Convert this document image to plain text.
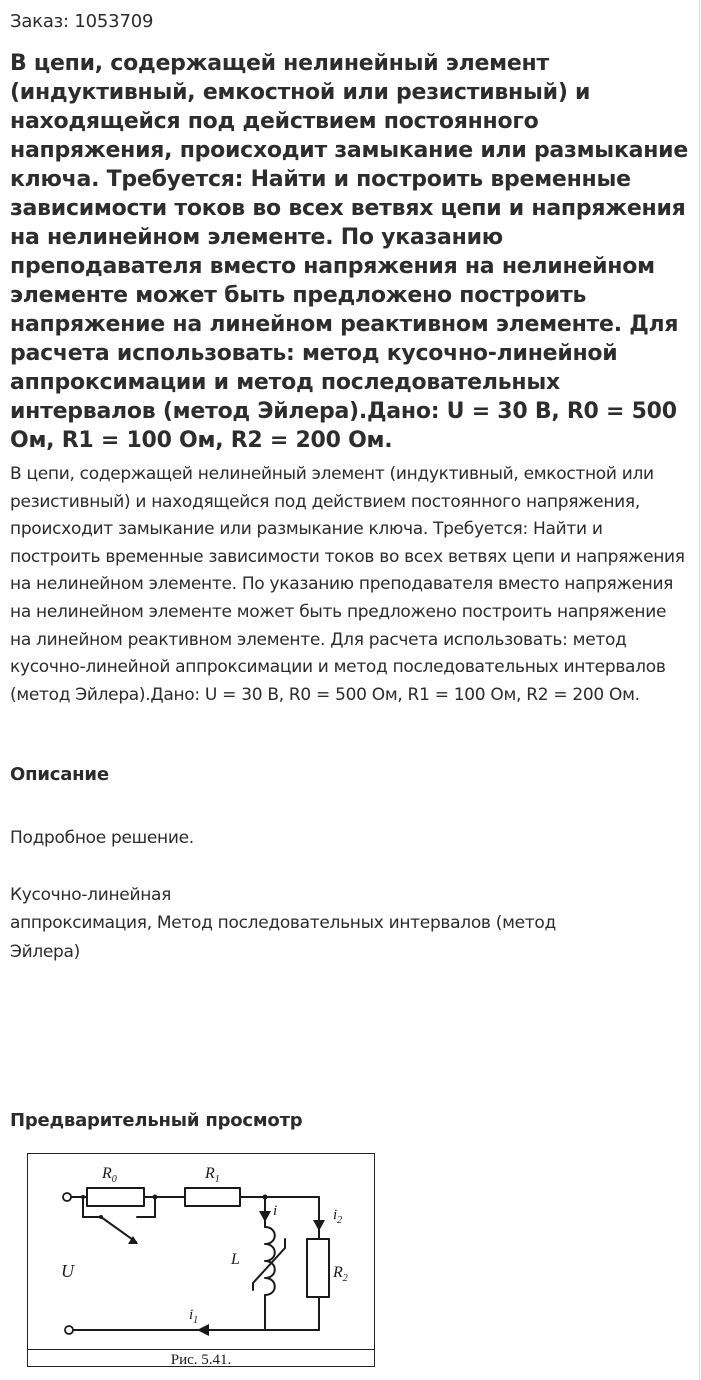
Заказ: 1053709
В цепи, содержащей нелинейный элемент (индуктивный, емкостной или резистивный) и находящейся под действием постоянного напряжения, происходит замыкание или размыкание ключа. Требуется: Найти и построить временные зависимости токов во всех ветвях цепи и напряжения на нелинейном элементе. По указанию преподавателя вместо напряжения на нелинейном элементе может быть предложено построить напряжение на линейном реактивном элементе. Для расчета использовать: метод кусочно-линейной аппроксимации и метод последовательных интервалов (метод Эйлера).Дано: U = 30 В, R0 = 500 Ом, R1 = 100 Ом, R2 = 200 Ом.

В цепи, содержащей нелинейный элемент (индуктивный, емкостной или резистивный) и находящейся под действием постоянного напряжения, происходит замыкание или размыкание ключа. Требуется: Найти и построить временные зависимости токов во всех ветвях цепи и напряжения на нелинейном элементе. По указанию преподавателя вместо напряжения на нелинейном элементе может быть предложено построить напряжение на линейном реактивном элементе. Для расчета использовать: метод кусочно-линейной аппроксимации и метод последовательных интервалов (метод Эйлера).Дано: U = 30 В, R0 = 500 Ом, R1 = 100 Ом, R2 = 200 Ом.

Описание
Подробное решение.
Кусочно-линейная
аппроксимация, Метод последовательных интервалов (метод
Эйлера)
Предварительный просмотр
$R_0$	$R_1$
$R_2$
i	$i_2$
$i_1$
U
L
Рис. 5.41.
